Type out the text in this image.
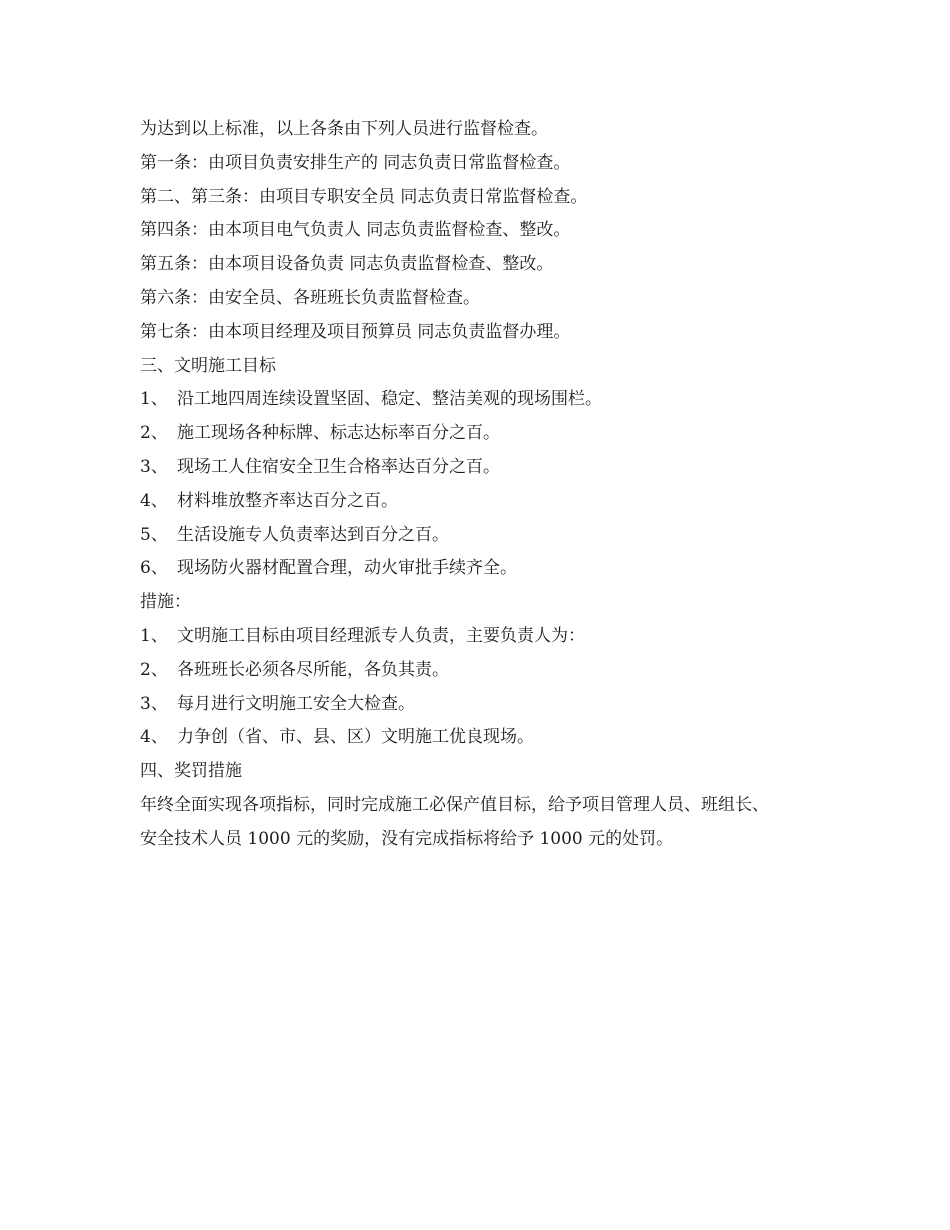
为达到以上标准，以上各条由下列人员进行监督检查。
第一条：由项目负责安排生产的 同志负责日常监督检查。
第二、第三条：由项目专职安全员 同志负责日常监督检查。
第四条：由本项目电气负责人 同志负责监督检查、整改。
第五条：由本项目设备负责 同志负责监督检查、整改。
第六条：由安全员、各班班长负责监督检查。
第七条：由本项目经理及项目预算员 同志负责监督办理。
三、文明施工目标
1、 沿工地四周连续设置坚固、稳定、整洁美观的现场围栏。
2、 施工现场各种标牌、标志达标率百分之百。
3、 现场工人住宿安全卫生合格率达百分之百。
4、 材料堆放整齐率达百分之百。
5、 生活设施专人负责率达到百分之百。
6、 现场防火器材配置合理，动火审批手续齐全。
措施：
1、 文明施工目标由项目经理派专人负责，主要负责人为：
2、 各班班长必须各尽所能，各负其责。
3、 每月进行文明施工安全大检查。
4、 力争创（省、市、县、区）文明施工优良现场。
四、奖罚措施
年终全面实现各项指标，同时完成施工必保产值目标，给予项目管理人员、班组长、
安全技术人员 1000 元的奖励，没有完成指标将给予 1000 元的处罚。
